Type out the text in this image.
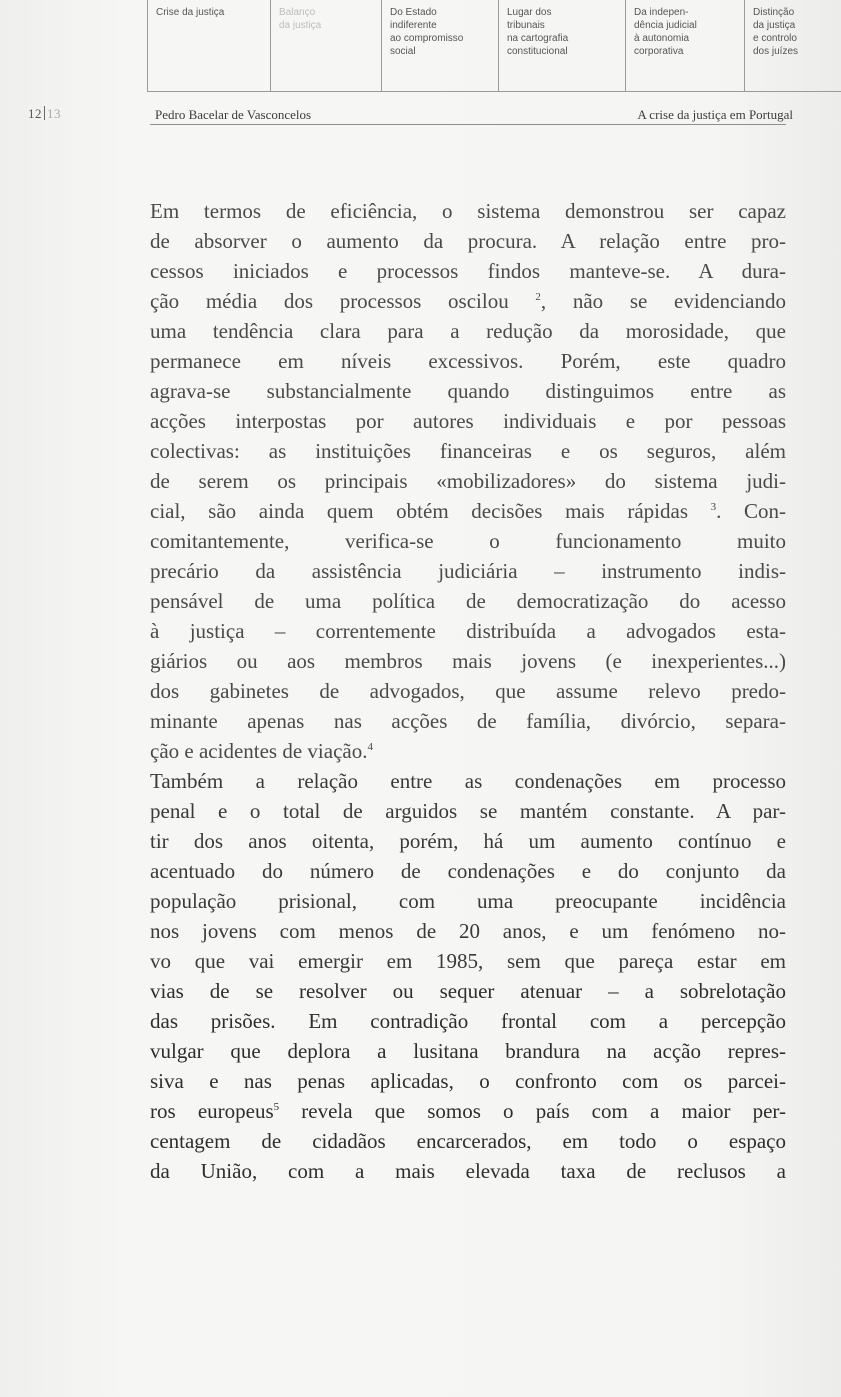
Crise da justiça	Balanço
da justiça	Do Estado
indiferente
ao compromisso
social	Lugar dos
tribunais
na cartografia
constitucional	Da indepen-
dência judicial
à autonomia
corporativa	Distinção
da justiça
e controlo
dos juízes
12 13	Pedro Bacelar de Vasconcelos	A crise da justiça em Portugal
Em termos de eficiência, o sistema demonstrou ser capaz
de absorver o aumento da procura. A relação entre pro-
cessos iniciados e processos findos manteve-se. A dura-
ção média dos processos oscilou $^2$, não se evidenciando
uma tendência clara para a redução da morosidade, que
permanece em níveis excessivos. Porém, este quadro
agrava-se substancialmente quando distinguimos entre as
acções interpostas por autores individuais e por pessoas
colectivas: as instituições financeiras e os seguros, além
de serem os principais «mobilizadores» do sistema judi-
cial, são ainda quem obtém decisões mais rápidas $^3$. Con-
comitantemente, verifica-se o funcionamento muito
precário da assistência judiciária – instrumento indis-
pensável de uma política de democratização do acesso
à justiça – correntemente distribuída a advogados esta-
giários ou aos membros mais jovens (e inexperientes...)
dos gabinetes de advogados, que assume relevo predo-
minante apenas nas acções de família, divórcio, separa-
ção e acidentes de viação.$^4$
Também a relação entre as condenações em processo
penal e o total de arguidos se mantém constante. A par-
tir dos anos oitenta, porém, há um aumento contínuo e
acentuado do número de condenações e do conjunto da
população prisional, com uma preocupante incidência
nos jovens com menos de 20 anos, e um fenómeno no-
vo que vai emergir em 1985, sem que pareça estar em
vias de se resolver ou sequer atenuar – a sobrelotação
das prisões. Em contradição frontal com a percepção
vulgar que deplora a lusitana brandura na acção repres-
siva e nas penas aplicadas, o confronto com os parcei-
ros europeus$^5$ revela que somos o país com a maior per-
centagem de cidadãos encarcerados, em todo o espaço
da União, com a mais elevada taxa de reclusos a
